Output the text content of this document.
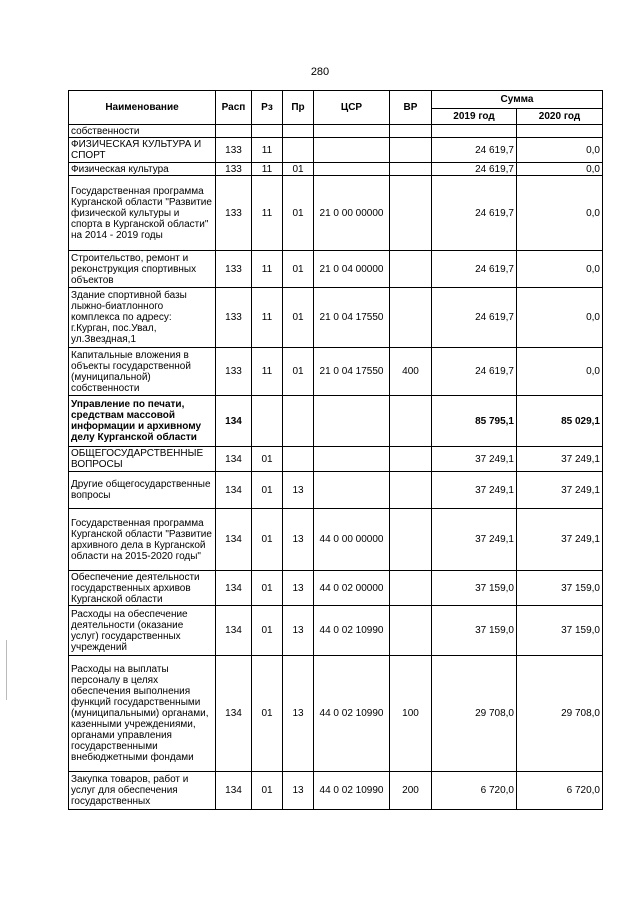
280
Наименование	Расп	Рз	Пр	ЦСР	ВР	Сумма	
						2019 год	2020 год
собственности							
ФИЗИЧЕСКАЯ КУЛЬТУРА И СПОРТ	133	11				24 619,7	0,0
Физическая культура	133	11	01			24 619,7	0,0
Государственная программа Курганской области "Развитие физической культуры и спорта в Курганской области" на 2014 - 2019 годы	133	11	01	21 0 00 00000		24 619,7	0,0
Строительство, ремонт и реконструкция спортивных объектов	133	11	01	21 0 04 00000		24 619,7	0,0
Здание спортивной базы лыжно-биатлонного комплекса по адресу: г.Курган, пос.Увал, ул.Звездная,1	133	11	01	21 0 04 17550		24 619,7	0,0
Капитальные вложения в объекты государственной (муниципальной) собственности	133	11	01	21 0 04 17550	400	24 619,7	0,0
Управление по печати, средствам массовой информации и архивному делу Курганской области	134					85 795,1	85 029,1
ОБЩЕГОСУДАРСТВЕННЫЕ ВОПРОСЫ	134	01				37 249,1	37 249,1
Другие общегосударственные вопросы	134	01	13			37 249,1	37 249,1
Государственная программа Курганской области "Развитие архивного дела в Курганской области на 2015-2020 годы"	134	01	13	44 0 00 00000		37 249,1	37 249,1
Обеспечение деятельности государственных архивов Курганской области	134	01	13	44 0 02 00000		37 159,0	37 159,0
Расходы на обеспечение деятельности (оказание услуг) государственных учреждений	134	01	13	44 0 02 10990		37 159,0	37 159,0
Расходы на выплаты персоналу в целях обеспечения выполнения функций государственными (муниципальными) органами, казенными учреждениями, органами управления государственными внебюджетными фондами	134	01	13	44 0 02 10990	100	29 708,0	29 708,0
Закупка товаров, работ и услуг для обеспечения государственных	134	01	13	44 0 02 10990	200	6 720,0	6 720,0
